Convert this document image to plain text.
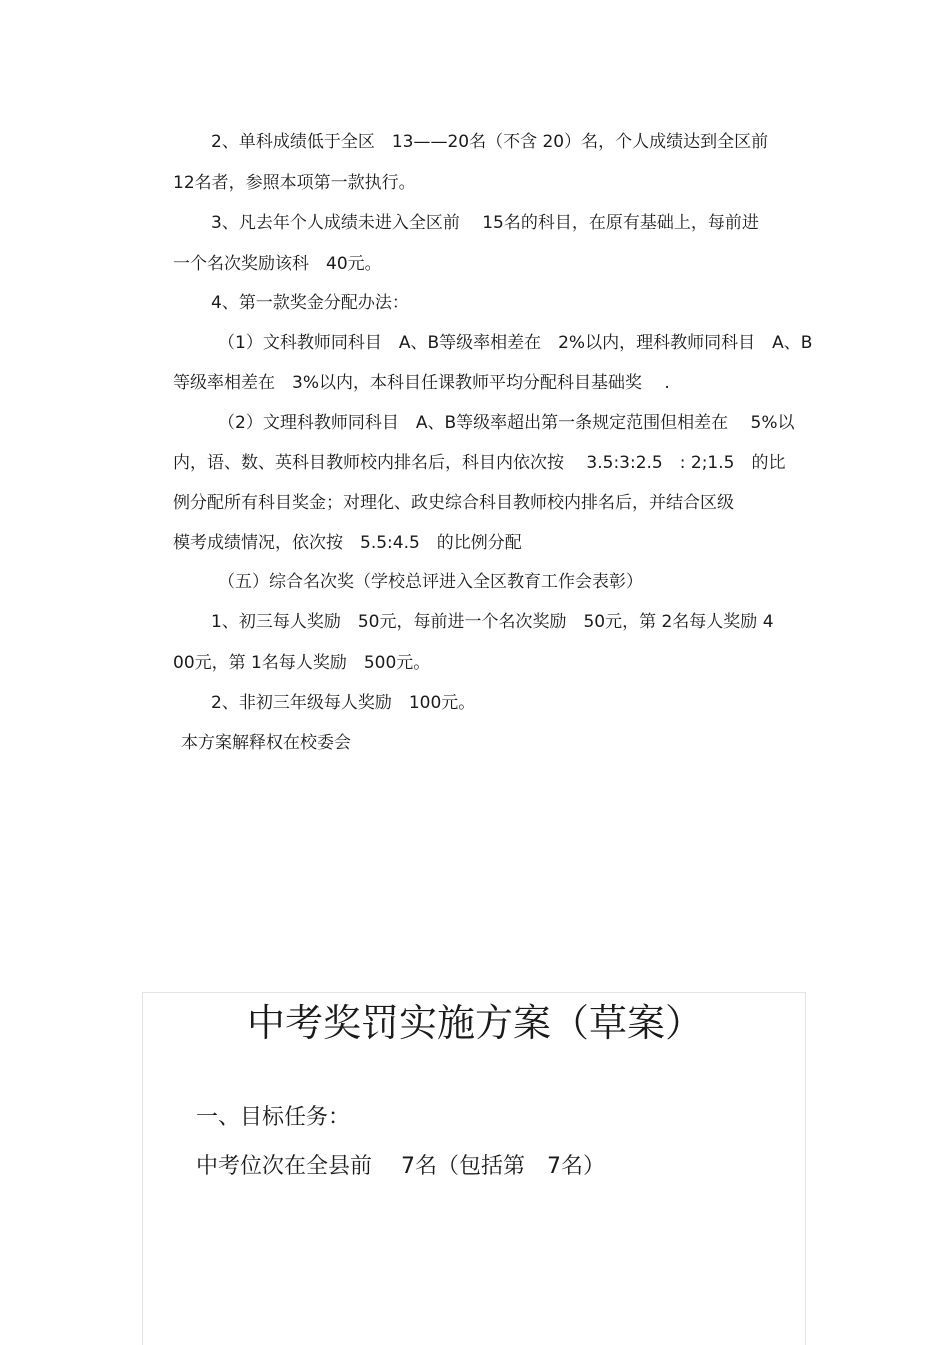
2、单科成绩低于全区　13——20名（不含 20）名，个人成绩达到全区前

12名者，参照本项第一款执行。

3、凡去年个人成绩未进入全区前　 15名的科目，在原有基础上，每前进

一个名次奖励该科　40元。

4、第一款奖金分配办法：

（1）文科教师同科目　A、B等级率相差在　2%以内，理科教师同科目　A、B

等级率相差在　3%以内，本科目任课教师平均分配科目基础奖　 .

（2）文理科教师同科目　A、B等级率超出第一条规定范围但相差在　 5%以

内，语、数、英科目教师校内排名后，科目内依次按　 3.5:3:2.5　: 2;1.5　的比

例分配所有科目奖金；对理化、政史综合科目教师校内排名后，并结合区级

模考成绩情况，依次按　5.5:4.5　的比例分配

（五）综合名次奖（学校总评进入全区教育工作会表彰）

1、初三每人奖励　50元，每前进一个名次奖励　50元，第 2名每人奖励 4

00元，第 1名每人奖励　500元。

2、非初三年级每人奖励　100元。

本方案解释权在校委会

中考奖罚实施方案（草案）

一、目标任务：

中考位次在全县前　 7名（包括第　7名）
